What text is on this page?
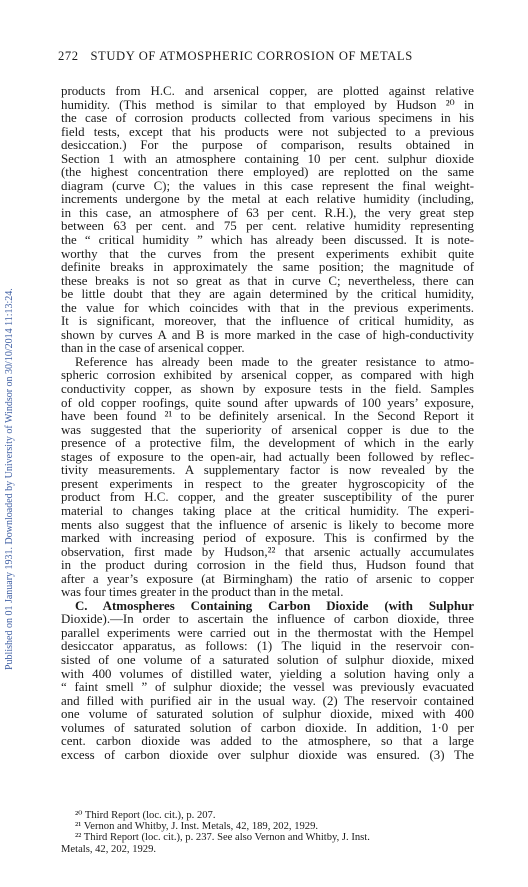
272 STUDY OF ATMOSPHERIC CORROSION OF METALS
Published on 01 January 1931. Downloaded by University of Windsor on 30/10/2014 11:13:24.
products from H.C. and arsenical copper, are plotted against relative
humidity. (This method is similar to that employed by Hudson ²⁰ in
the case of corrosion products collected from various specimens in his
field tests, except that his products were not subjected to a previous
desiccation.) For the purpose of comparison, results obtained in
Section 1 with an atmosphere containing 10 per cent. sulphur dioxide
(the highest concentration there employed) are replotted on the same
diagram (curve C); the values in this case represent the final weight-
increments undergone by the metal at each relative humidity (including,
in this case, an atmosphere of 63 per cent. R.H.), the very great step
between 63 per cent. and 75 per cent. relative humidity representing
the “ critical humidity ” which has already been discussed. It is note-
worthy that the curves from the present experiments exhibit quite
definite breaks in approximately the same position; the magnitude of
these breaks is not so great as that in curve C; nevertheless, there can
be little doubt that they are again determined by the critical humidity,
the value for which coincides with that in the previous experiments.
It is significant, moreover, that the influence of critical humidity, as
shown by curves A and B is more marked in the case of high-conductivity
than in the case of arsenical copper.
Reference has already been made to the greater resistance to atmo-
spheric corrosion exhibited by arsenical copper, as compared with high
conductivity copper, as shown by exposure tests in the field. Samples
of old copper roofings, quite sound after upwards of 100 years’ exposure,
have been found ²¹ to be definitely arsenical. In the Second Report it
was suggested that the superiority of arsenical copper is due to the
presence of a protective film, the development of which in the early
stages of exposure to the open-air, had actually been followed by reflec-
tivity measurements. A supplementary factor is now revealed by the
present experiments in respect to the greater hygroscopicity of the
product from H.C. copper, and the greater susceptibility of the purer
material to changes taking place at the critical humidity. The experi-
ments also suggest that the influence of arsenic is likely to become more
marked with increasing period of exposure. This is confirmed by the
observation, first made by Hudson,²² that arsenic actually accumulates
in the product during corrosion in the field thus, Hudson found that
after a year’s exposure (at Birmingham) the ratio of arsenic to copper
was four times greater in the product than in the metal.
C. Atmospheres Containing Carbon Dioxide (with Sulphur
Dioxide).—In order to ascertain the influence of carbon dioxide, three
parallel experiments were carried out in the thermostat with the Hempel
desiccator apparatus, as follows: (1) The liquid in the reservoir con-
sisted of one volume of a saturated solution of sulphur dioxide, mixed
with 400 volumes of distilled water, yielding a solution having only a
“ faint smell ” of sulphur dioxide; the vessel was previously evacuated
and filled with purified air in the usual way. (2) The reservoir contained
one volume of saturated solution of sulphur dioxide, mixed with 400
volumes of saturated solution of carbon dioxide. In addition, 1·0 per
cent. carbon dioxide was added to the atmosphere, so that a large
excess of carbon dioxide over sulphur dioxide was ensured. (3) The
²⁰ Third Report (loc. cit.), p. 207.
²¹ Vernon and Whitby, J. Inst. Metals, 42, 189, 202, 1929.
²² Third Report (loc. cit.), p. 237. See also Vernon and Whitby, J. Inst.
Metals, 42, 202, 1929.
